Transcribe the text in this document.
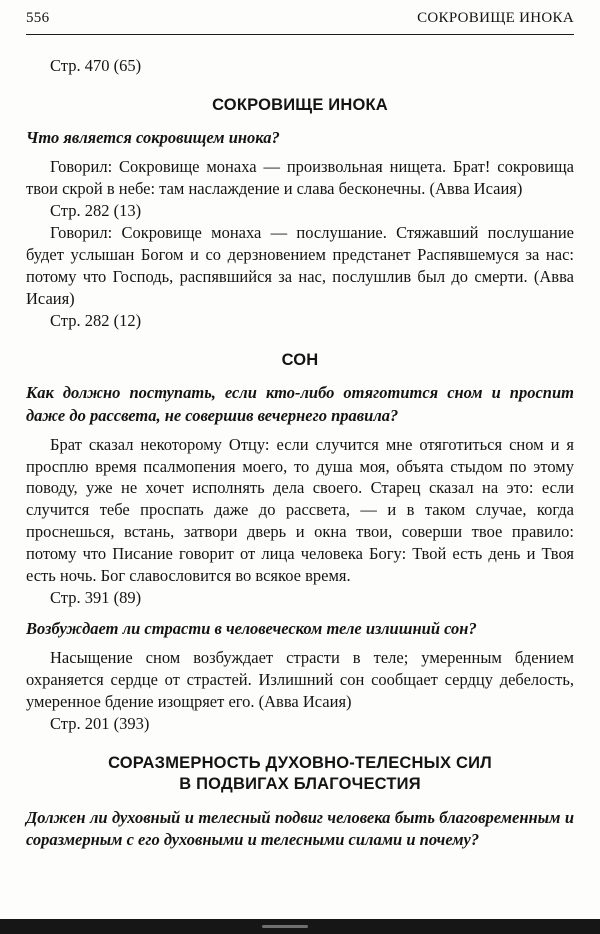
556	СОКРОВИЩЕ ИНОКА

Стр. 470 (65)

СОКРОВИЩЕ ИНОКА

Что является сокровищем инока?

Говорил: Сокровище монаха — произвольная нищета. Брат! сокровища твои скрой в небе: там наслаждение и слава бесконечны. (Авва Исаия)

Стр. 282 (13)

Говорил: Сокровище монаха — послушание. Стяжавший послушание будет услышан Богом и со дерзновением предстанет Распявшемуся за нас: потому что Господь, распявшийся за нас, послушлив был до смерти. (Авва Исаия)

Стр. 282 (12)

СОН

Как должно поступать, если кто-либо отяготится сном и проспит даже до рассвета, не совершив вечернего правила?

Брат сказал некоторому Отцу: если случится мне отяготиться сном и я просплю время псалмопения моего, то душа моя, объята стыдом по этому поводу, уже не хочет исполнять дела своего. Старец сказал на это: если случится тебе проспать даже до рассвета, — и в таком случае, когда проснешься, встань, затвори дверь и окна твои, соверши твое правило: потому что Писание говорит от лица человека Богу: Твой есть день и Твоя есть ночь. Бог славословится во всякое время.

Стр. 391 (89)

Возбуждает ли страсти в человеческом теле излишний сон?

Насыщение сном возбуждает страсти в теле; умеренным бдением охраняется сердце от страстей. Излишний сон сообщает сердцу дебелость, умеренное бдение изощряет его. (Авва Исаия)

Стр. 201 (393)

СОРАЗМЕРНОСТЬ ДУХОВНО-ТЕЛЕСНЫХ СИЛ
В ПОДВИГАХ БЛАГОЧЕСТИЯ

Должен ли духовный и телесный подвиг человека быть благовременным и соразмерным с его духовными и телесными силами и почему?
